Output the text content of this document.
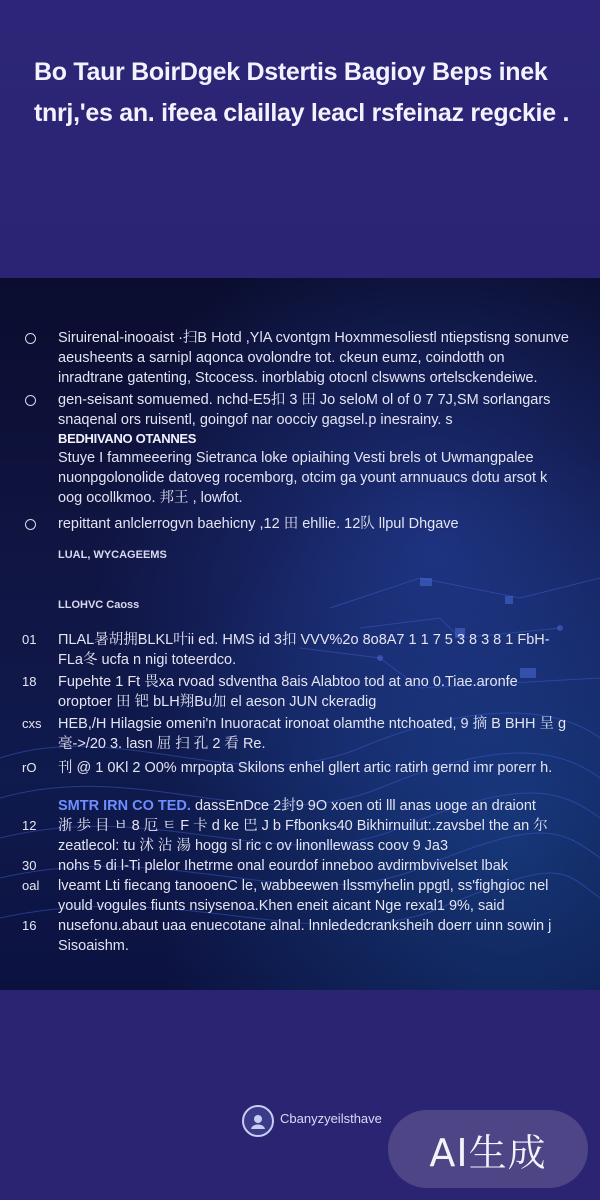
Bo Taur BoirDgek Dstertis Bagioy Beps inek tnrj,'es an. ifeea claillay leacl rsfeinaz regckie .

Siruirenal-inooaist ·扫B Hotd ,YlA cvontgm Hoxmmesoliestl ntiepstisng sonunve aeusheents a sarnipl aqonca ovolondre tot. ckeun eumz, coindotth on inradtrane gatenting, Stcocess. inorblabig otocnl clswwns ortelsckendeiwe.

gen-seisant somuemed. nchd-E5扣 3 田 Jo seloM ol of 0 7 7J,SM sorlangars snaqenal ors ruisentl, goingof nar oocciy gagsel.p inesrainy. s

BEDHIVANO OTANNES

Stuye I fammeeering Sietranca loke opiaihing Vesti brels ot Uwmangpalee nuonpgolonolide datoveg rocemborg, otcim ga yount arnnuaucs dotu arsot k oog ocollkmoo. 邦王 , lowfot.

repittant anlclerrogvn baehicny ,12 田 ehllie. 12队 llpul Dhgave

LUAL, WYCAGEEMS
LLOHVC Caoss
01	ПLAL暑胡拥BLKL叶ii ed. HMS id 3扣 VVV%2o 8о8A7 1 1 7 5 3 8 3 8 1 FbH-FLa冬 ucfa n nigi toteerdco.

18	Fupehte 1 Ft 畏xa rvoad sdventha 8ais Alabtoo tod at ano 0.Tiae.aronfe oroptoer 田 钯 bLH翔Bu加 el aeson JUN ckeradig

cxs	HEB,/H Hilagsie omeni'n Inuoracat ironoat olamthe ntchoated, 9 摘 B BHH 呈 g毫->/20 3. lasn 屈 扫 孔 2 看 Re.

rO	刊 @ 1 0Kl 2 O0% mrpopta Skilons enhel gllert artic ratirh gernd imr porerr h.

SMTR IRN CO TED. dassEnDce 2封9 9O xoen oti lll anas uoge an draiont

12	浙 歩 目 ㅂ 8 厄 ㅌ F 卡 d ke 巴 J b Ffbonks40 Bikhirnuilut:.zavsbel the an 尔 zeatlecol: tu 沭 沾 湯 hogg sl ric c ov linonllewass coov 9 Ja3

30	nohs 5 di l-Ti plelor Ihetrme onal eourdof inneboo avdirmbvivelset lbak

oal	lveamt Lti fiecang tanooenC le, wabbeewen Ilssmyhelin ppgtl, ss'fighgioc nel yould vogules fiunts nsiysenoa.Khen eneit aicant Nge rexal1 9%, said

16	nusefonu.abaut uaa enuecotane alnal. lnnlededcranksheih doerr uinn sowin j Sisoaishm.

Cbanyzyeilsthave
AI生成
